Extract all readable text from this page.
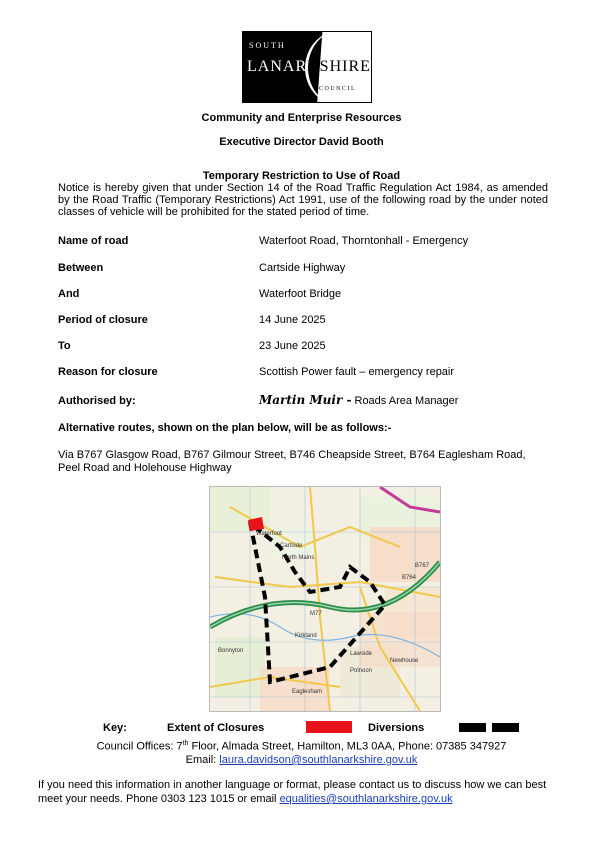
SOUTH
LANARKSHIRE
COUNCIL
Community and Enterprise Resources
Executive Director David Booth
Temporary Restriction to Use of Road
Notice is hereby given that under Section 14 of the Road Traffic Regulation Act 1984, as amended by the Road Traffic (Temporary Restrictions) Act 1991, use of the following road by the under noted classes of vehicle will be prohibited for the stated period of time.
Name of road	Waterfoot Road, Thorntonhall - Emergency
Between	Cartside Highway
And	Waterfoot Bridge
Period of closure	14 June 2025
To	23 June 2025
Reason for closure	Scottish Power fault – emergency repair
Authorised by:	Martin Muir - Roads Area Manager
Alternative routes, shown on the plan below, will be as follows:-
Via B767 Glasgow Road, B767 Gilmour Street, B746 Cheapside Street, B764 Eaglesham Road, Peel Road and Holehouse Highway
Waterfoot
Cartside
North Mains
Eaglesham
Newhouse
Lawside
Polnoon
B764
B767
M77
Kirkland
Bonnyton
Key:	Extent of Closures	Diversions
Council Offices: 7th Floor, Almada Street, Hamilton, ML3 0AA, Phone: 07385 347927
Email: laura.davidson@southlanarkshire.gov.uk
If you need this information in another language or format, please contact us to discuss how we can best meet your needs. Phone 0303 123 1015 or email equalities@southlanarkshire.gov.uk
